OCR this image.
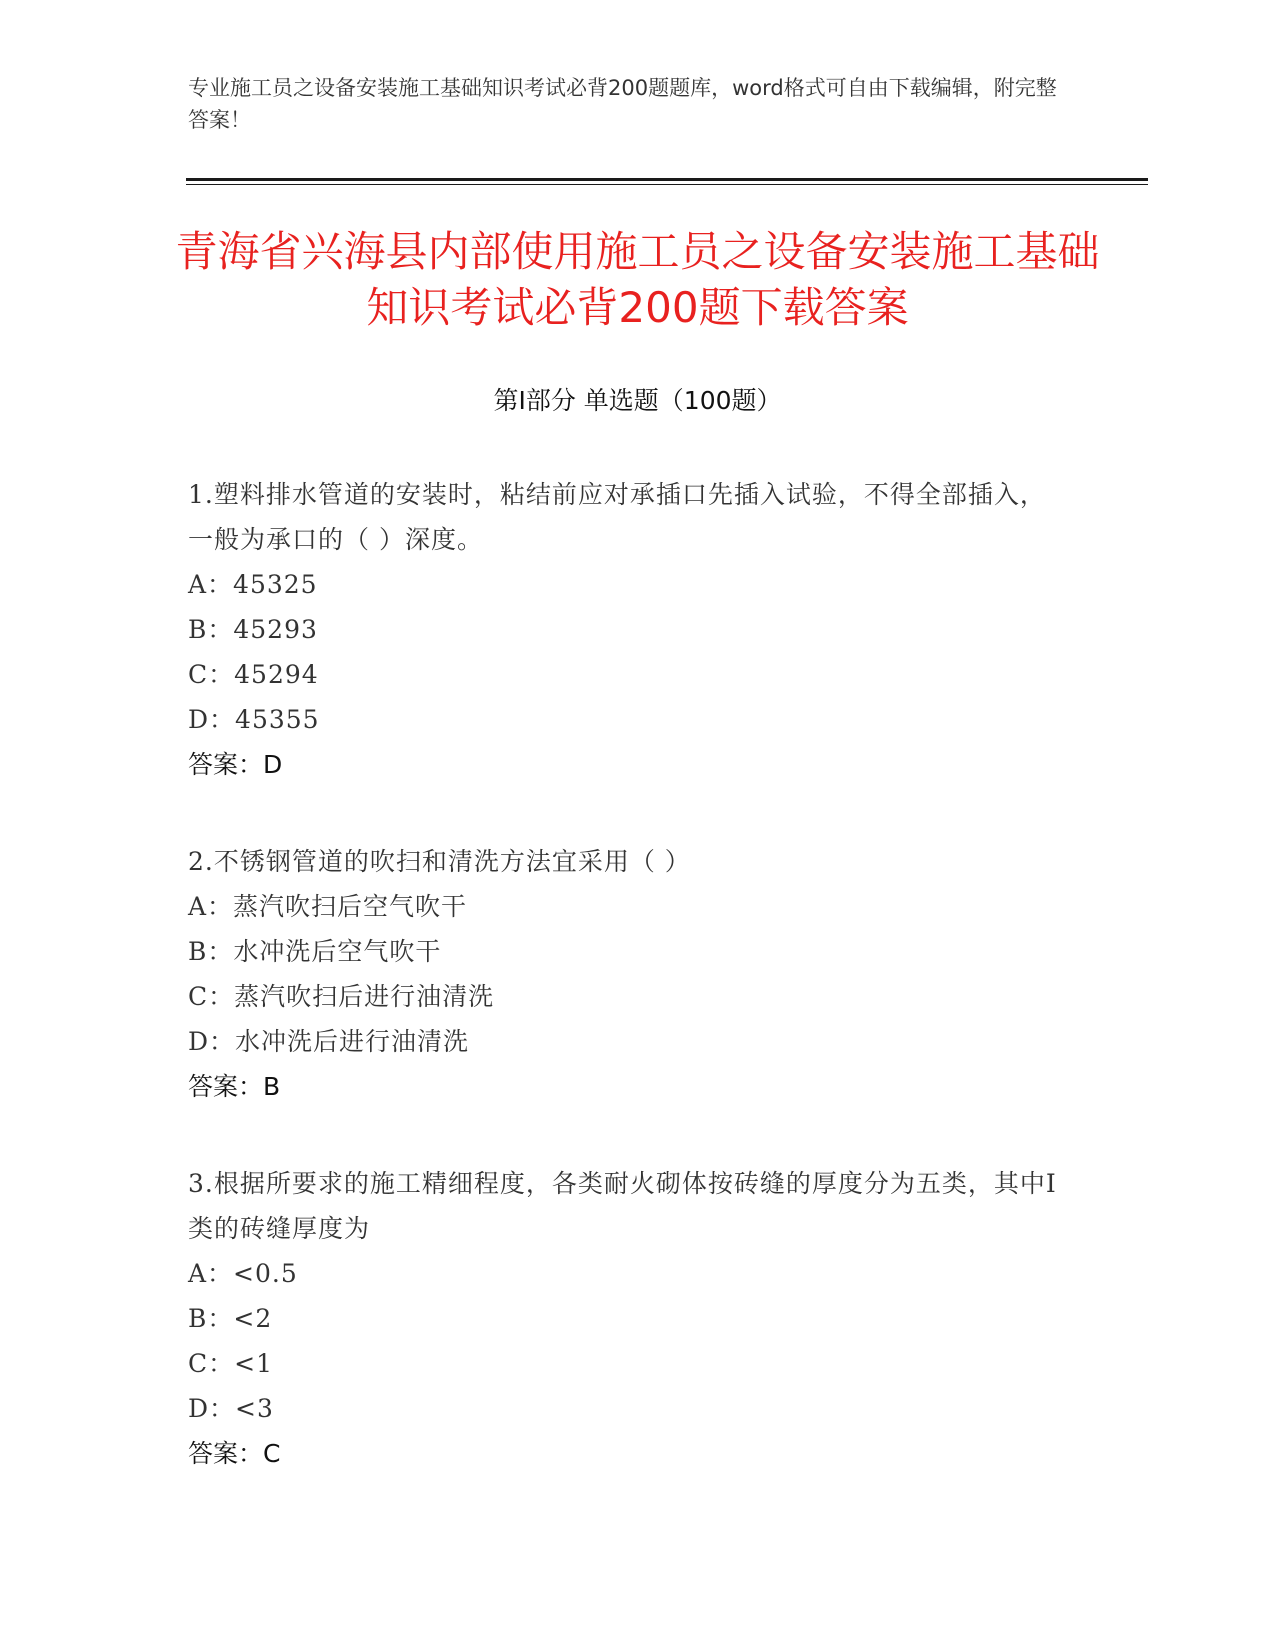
专业施工员之设备安装施工基础知识考试必背200题题库，word格式可自由下载编辑，附完整答案！
青海省兴海县内部使用施工员之设备安装施工基础知识考试必背200题下载答案
第Ⅰ部分 单选题（100题）
1.塑料排水管道的安装时，粘结前应对承插口先插入试验，不得全部插入，一般为承口的（ ）深度。
A：45325
B：45293
C：45294
D：45355
答案：D
2.不锈钢管道的吹扫和清洗方法宜采用（ ）
A：蒸汽吹扫后空气吹干
B：水冲洗后空气吹干
C：蒸汽吹扫后进行油清洗
D：水冲洗后进行油清洗
答案：B
3.根据所要求的施工精细程度，各类耐火砌体按砖缝的厚度分为五类，其中Ⅰ类的砖缝厚度为
A：<0.5
B：<2
C：<1
D：<3
答案：C
